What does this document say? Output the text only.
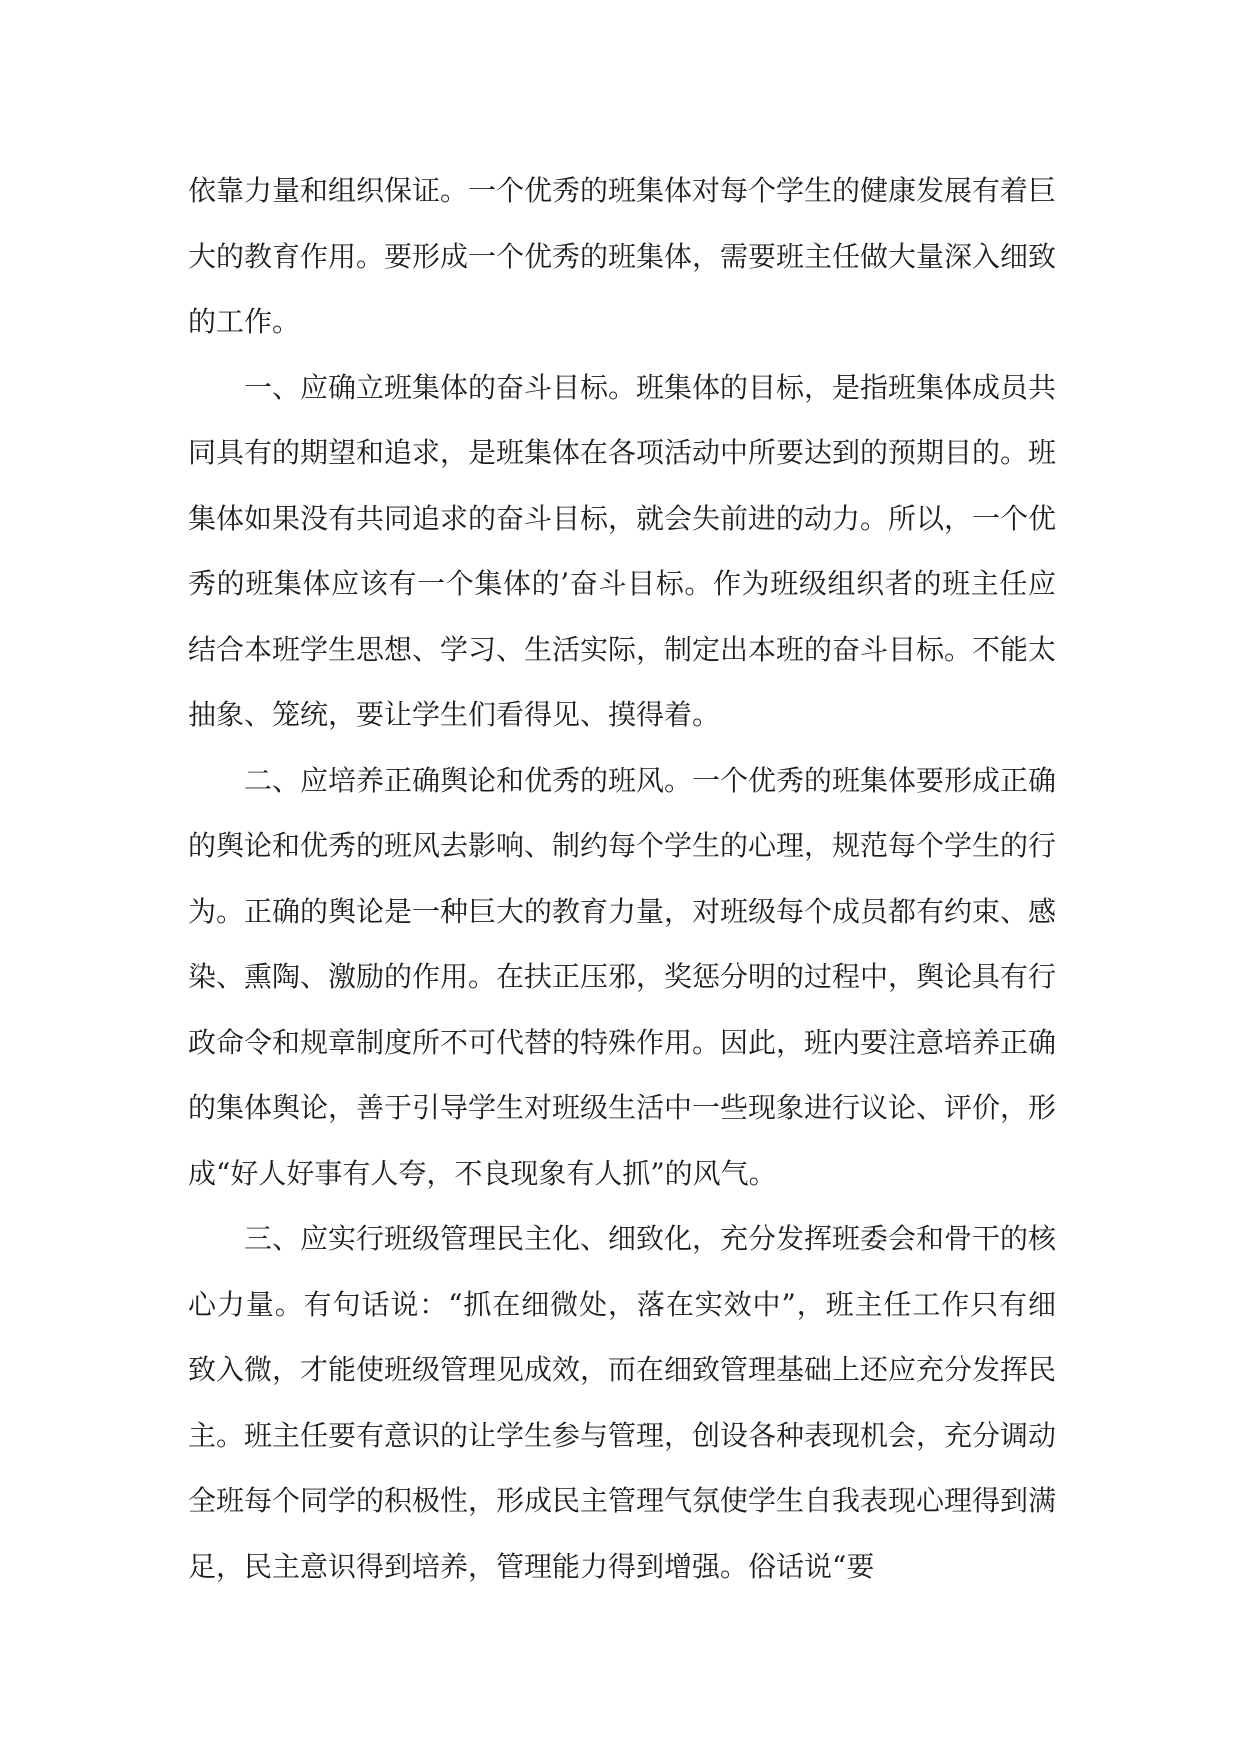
依靠力量和组织保证。一个优秀的班集体对每个学生的健康发展有着巨大的教育作用。要形成一个优秀的班集体，需要班主任做大量深入细致的工作。

一、应确立班集体的奋斗目标。班集体的目标，是指班集体成员共同具有的期望和追求，是班集体在各项活动中所要达到的预期目的。班集体如果没有共同追求的奋斗目标，就会失前进的动力。所以，一个优秀的班集体应该有一个集体的’奋斗目标。作为班级组织者的班主任应结合本班学生思想、学习、生活实际，制定出本班的奋斗目标。不能太抽象、笼统，要让学生们看得见、摸得着。

二、应培养正确舆论和优秀的班风。一个优秀的班集体要形成正确的舆论和优秀的班风去影响、制约每个学生的心理，规范每个学生的行为。正确的舆论是一种巨大的教育力量，对班级每个成员都有约束、感染、熏陶、激励的作用。在扶正压邪，奖惩分明的过程中，舆论具有行政命令和规章制度所不可代替的特殊作用。因此，班内要注意培养正确的集体舆论，善于引导学生对班级生活中一些现象进行议论、评价，形成“好人好事有人夸，不良现象有人抓”的风气。

三、应实行班级管理民主化、细致化，充分发挥班委会和骨干的核心力量。有句话说：“抓在细微处，落在实效中”，班主任工作只有细致入微，才能使班级管理见成效，而在细致管理基础上还应充分发挥民主。班主任要有意识的让学生参与管理，创设各种表现机会，充分调动全班每个同学的积极性，形成民主管理气氛使学生自我表现心理得到满足，民主意识得到培养，管理能力得到增强。俗话说“要
